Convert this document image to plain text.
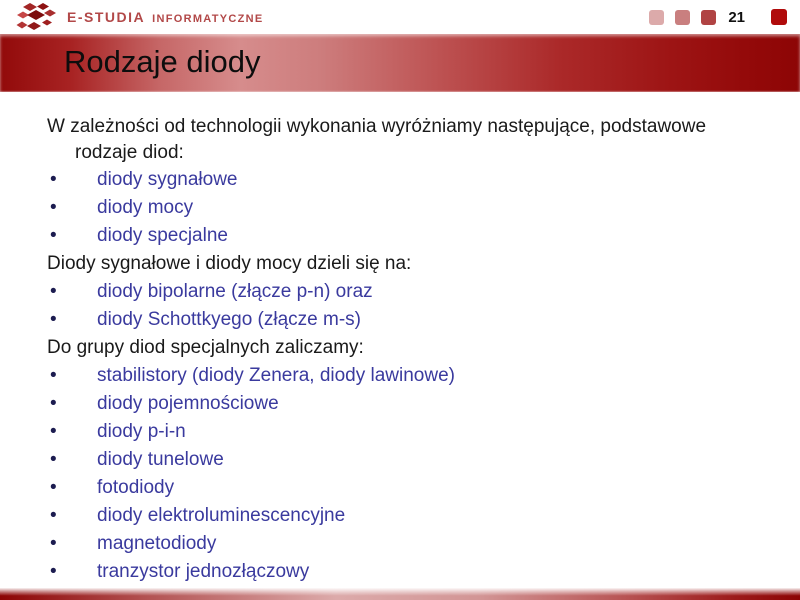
E-STUDIA INFORMATYCZNE	21
Rodzaje diody
W zależności od technologii wykonania wyróżniamy następujące, podstawowe
rodzaje diod:
• diody sygnałowe
• diody mocy
• diody specjalne
Diody sygnałowe i diody mocy dzieli się na:
• diody bipolarne (złącze p-n) oraz
• diody Schottkyego (złącze m-s)
Do grupy diod specjalnych zaliczamy:
• stabilistory (diody Zenera, diody lawinowe)
• diody pojemnościowe
• diody p-i-n
• diody tunelowe
• fotodiody
• diody elektroluminescencyjne
• magnetodiody
• tranzystor jednozłączowy
